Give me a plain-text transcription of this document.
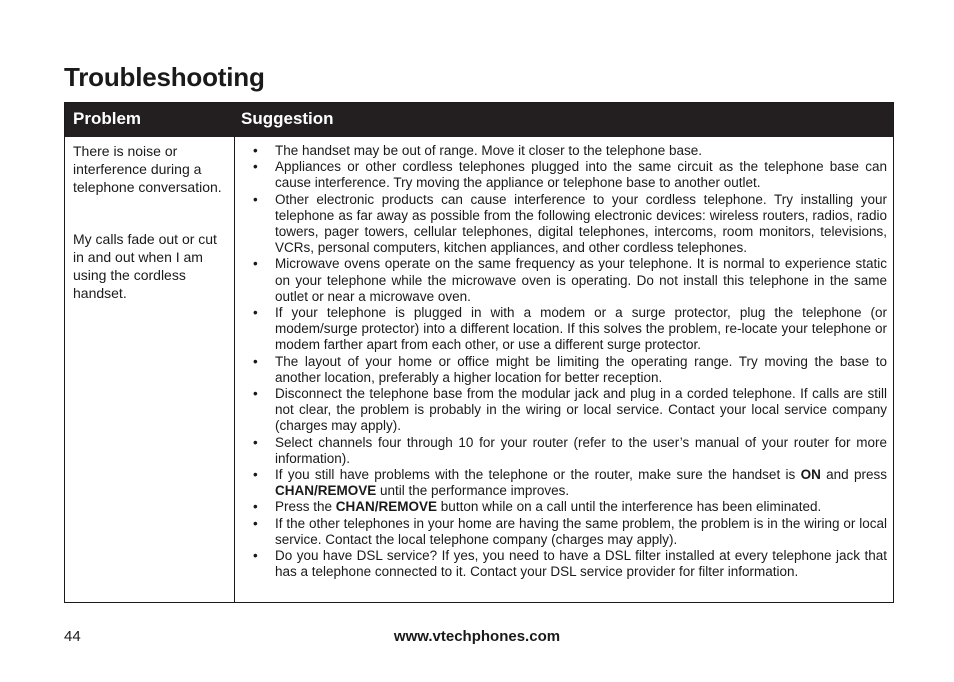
Troubleshooting
Problem	Suggestion

There is noise or interference during a telephone conversation.

My calls fade out or cut in and out when I am using the cordless handset.

• The handset may be out of range. Move it closer to the telephone base.
• Appliances or other cordless telephones plugged into the same circuit as the telephone base can cause interference. Try moving the appliance or telephone base to another outlet.
• Other electronic products can cause interference to your cordless telephone. Try installing your telephone as far away as possible from the following electronic devices: wireless routers, radios, radio towers, pager towers, cellular telephones, digital telephones, intercoms, room monitors, televisions, VCRs, personal computers, kitchen appliances, and other cordless telephones.
• Microwave ovens operate on the same frequency as your telephone. It is normal to experience static on your telephone while the microwave oven is operating. Do not install this telephone in the same outlet or near a microwave oven.
• If your telephone is plugged in with a modem or a surge protector, plug the telephone (or modem/surge protector) into a different location. If this solves the problem, re-locate your telephone or modem farther apart from each other, or use a different surge protector.
• The layout of your home or office might be limiting the operating range. Try moving the base to another location, preferably a higher location for better reception.
• Disconnect the telephone base from the modular jack and plug in a corded telephone. If calls are still not clear, the problem is probably in the wiring or local service. Contact your local service company (charges may apply).
• Select channels four through 10 for your router (refer to the user’s manual of your router for more information).
• If you still have problems with the telephone or the router, make sure the handset is ON and press CHAN/REMOVE until the performance improves.
• Press the CHAN/REMOVE button while on a call until the interference has been eliminated.
• If the other telephones in your home are having the same problem, the problem is in the wiring or local service. Contact the local telephone company (charges may apply).
• Do you have DSL service? If yes, you need to have a DSL filter installed at every telephone jack that has a telephone connected to it. Contact your DSL service provider for filter information.
44	www.vtechphones.com
